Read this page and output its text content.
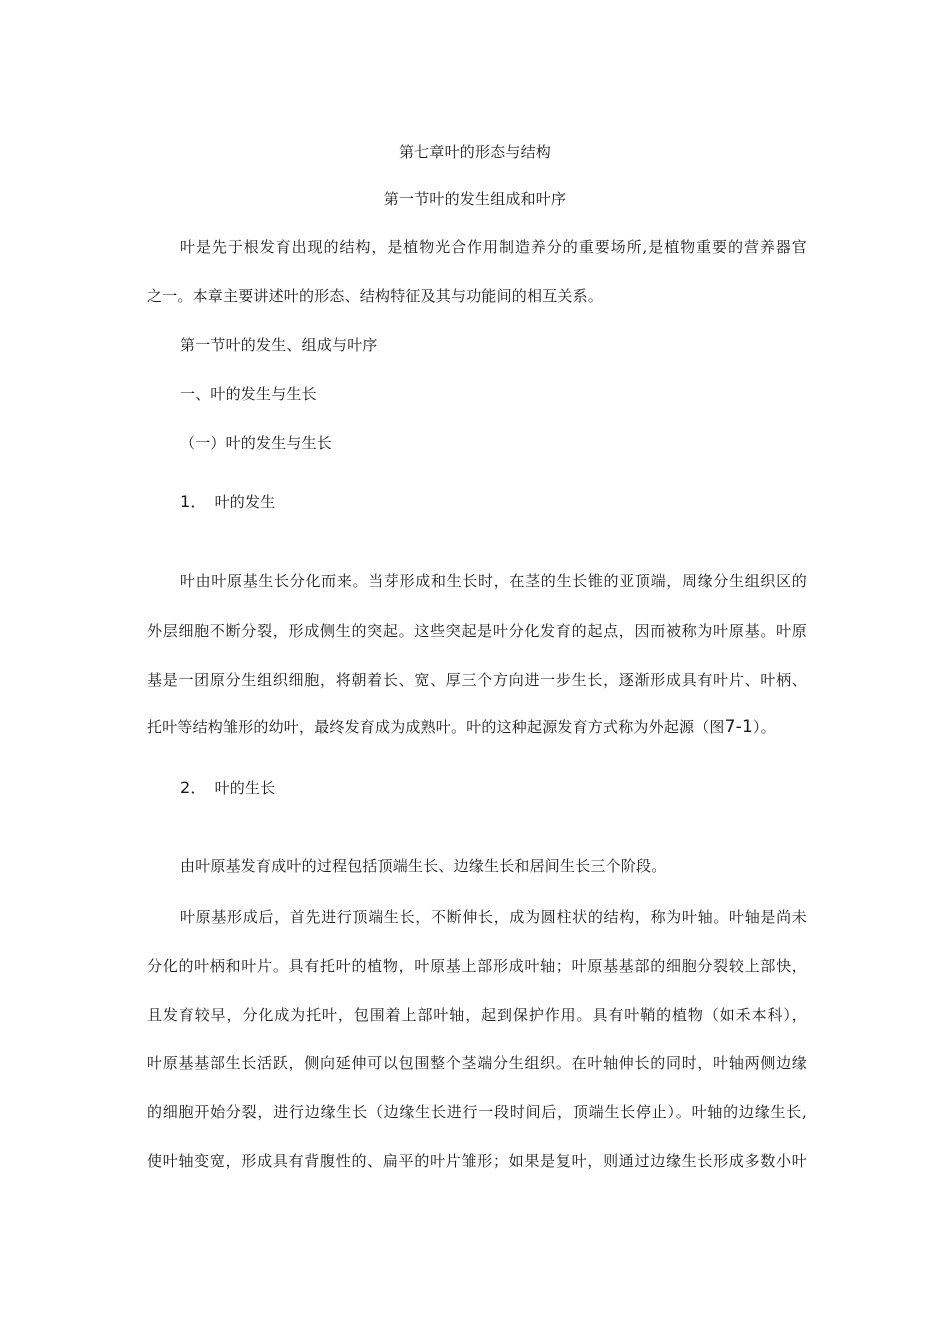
第七章叶的形态与结构
第一节叶的发生组成和叶序
叶是先于根发育出现的结构，是植物光合作用制造养分的重要场所,是植物重要的营养器官
之一。本章主要讲述叶的形态、结构特征及其与功能间的相互关系。
第一节叶的发生、组成与叶序
一、叶的发生与生长
（一）叶的发生与生长
1． 叶的发生
叶由叶原基生长分化而来。当芽形成和生长时，在茎的生长锥的亚顶端，周缘分生组织区的
外层细胞不断分裂，形成侧生的突起。这些突起是叶分化发育的起点，因而被称为叶原基。叶原
基是一团原分生组织细胞，将朝着长、宽、厚三个方向进一步生长，逐渐形成具有叶片、叶柄、
托叶等结构雏形的幼叶，最终发育成为成熟叶。叶的这种起源发育方式称为外起源（图7-1）。
2． 叶的生长
由叶原基发育成叶的过程包括顶端生长、边缘生长和居间生长三个阶段。
叶原基形成后，首先进行顶端生长，不断伸长，成为圆柱状的结构，称为叶轴。叶轴是尚未
分化的叶柄和叶片。具有托叶的植物，叶原基上部形成叶轴；叶原基基部的细胞分裂较上部快，
且发育较早，分化成为托叶，包围着上部叶轴，起到保护作用。具有叶鞘的植物（如禾本科），
叶原基基部生长活跃，侧向延伸可以包围整个茎端分生组织。在叶轴伸长的同时，叶轴两侧边缘
的细胞开始分裂，进行边缘生长（边缘生长进行一段时间后，顶端生长停止）。叶轴的边缘生长,
使叶轴变宽，形成具有背腹性的、扁平的叶片雏形；如果是复叶，则通过边缘生长形成多数小叶
